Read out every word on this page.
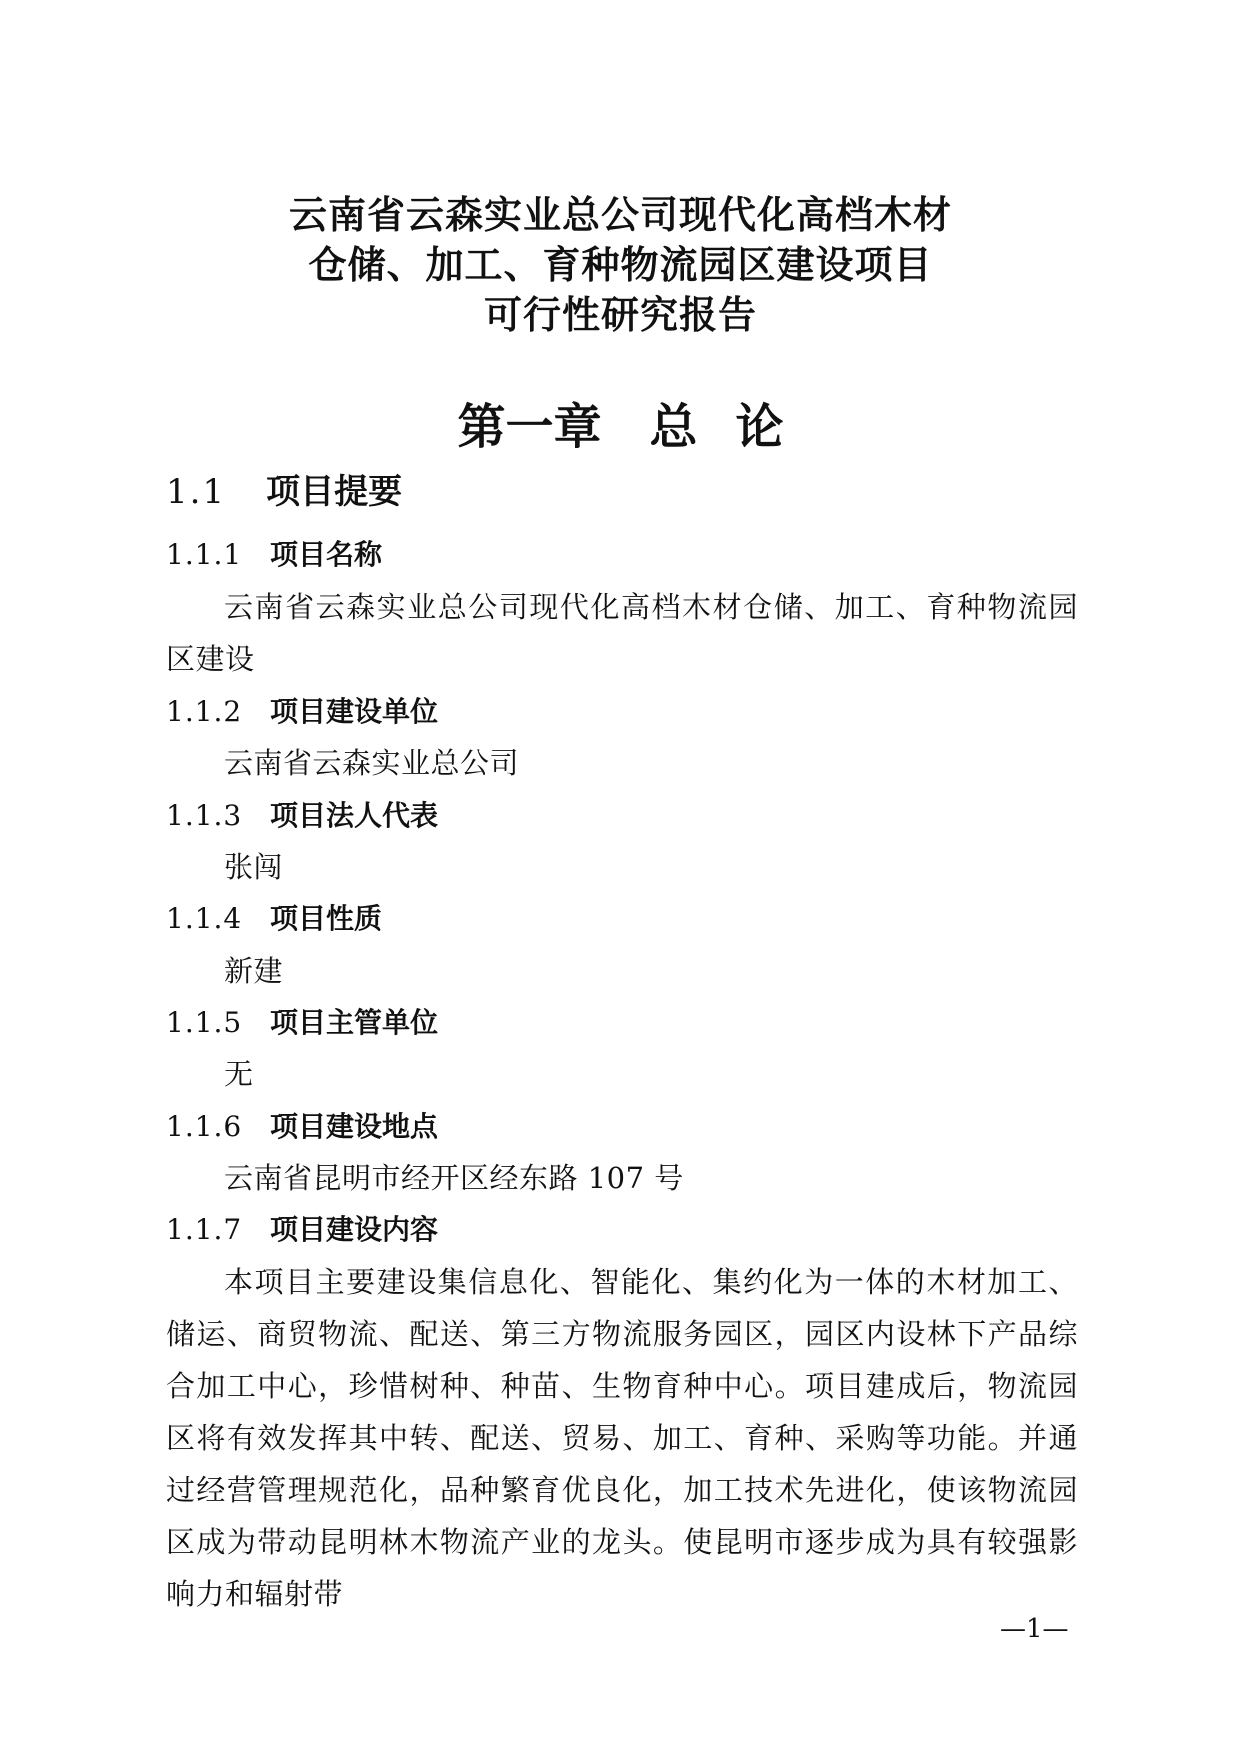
云南省云森实业总公司现代化高档木材
仓储、加工、育种物流园区建设项目
可行性研究报告
第一章 总 论
1.1 项目提要
1.1.1 项目名称
云南省云森实业总公司现代化高档木材仓储、加工、育种物流园区建设
1.1.2 项目建设单位
云南省云森实业总公司
1.1.3 项目法人代表
张闯
1.1.4 项目性质
新建
1.1.5 项目主管单位
无
1.1.6 项目建设地点
云南省昆明市经开区经东路 107 号
1.1.7 项目建设内容
本项目主要建设集信息化、智能化、集约化为一体的木材加工、储运、商贸物流、配送、第三方物流服务园区，园区内设林下产品综合加工中心，珍惜树种、种苗、生物育种中心。项目建成后，物流园区将有效发挥其中转、配送、贸易、加工、育种、采购等功能。并通过经营管理规范化，品种繁育优良化，加工技术先进化，使该物流园区成为带动昆明林木物流产业的龙头。使昆明市逐步成为具有较强影响力和辐射带
—1—
